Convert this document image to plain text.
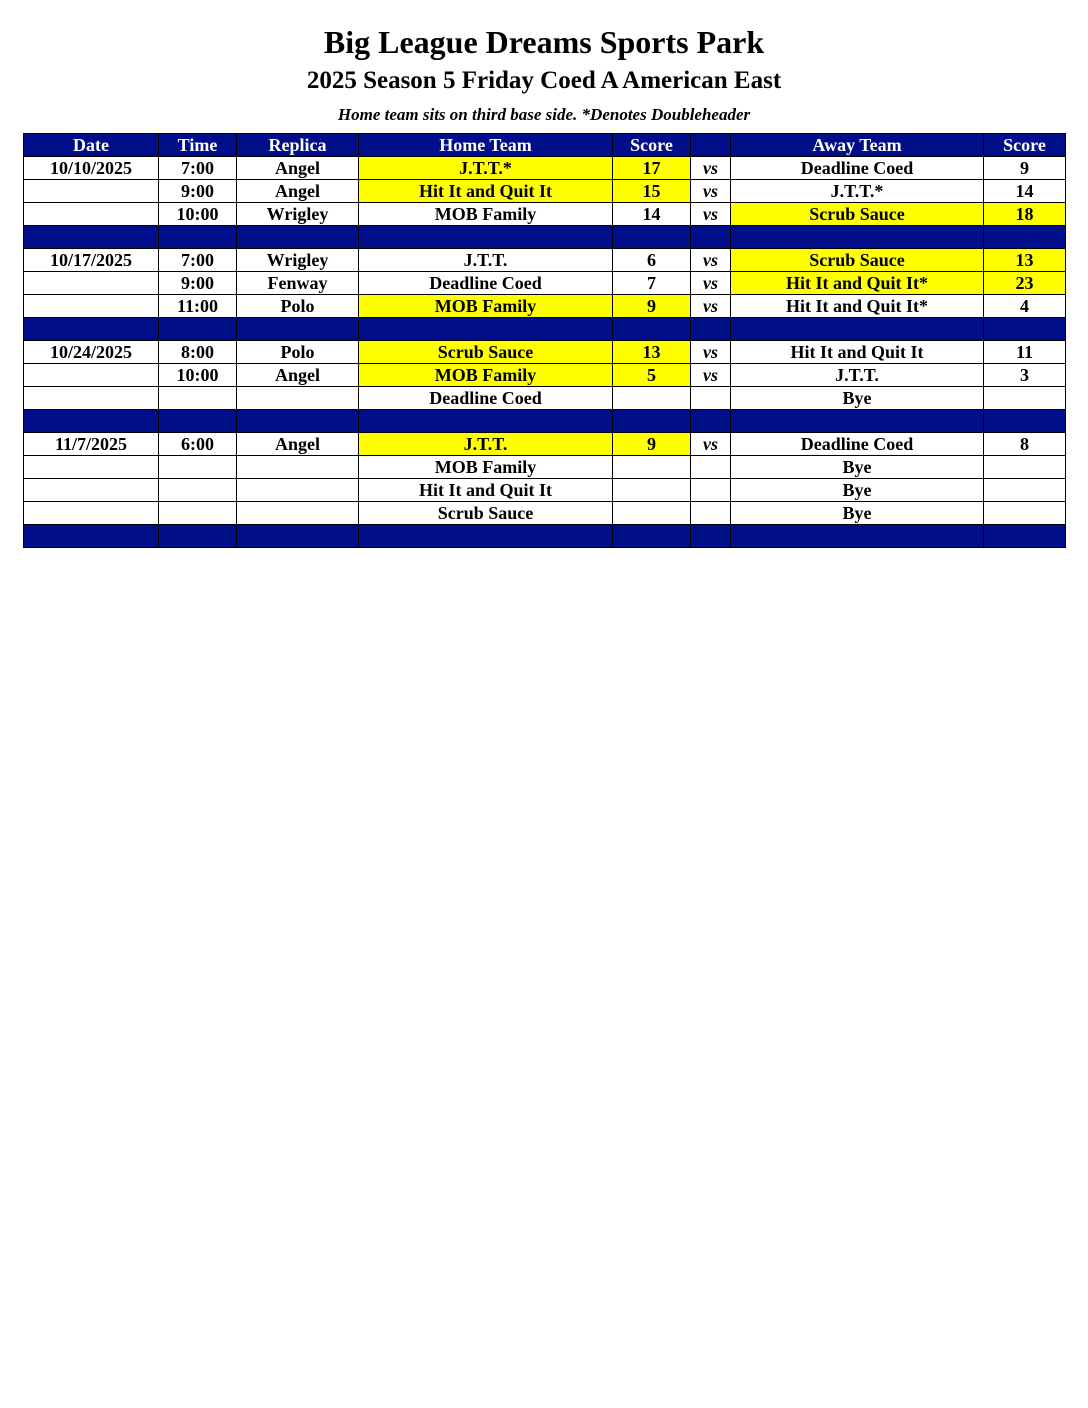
Big League Dreams Sports Park
2025 Season 5 Friday Coed A American East
Home team sits on third base side. *Denotes Doubleheader
Date	Time	Replica	Home Team	Score		Away Team	Score
10/10/2025	7:00	Angel	J.T.T.*	17	vs	Deadline Coed	9
	9:00	Angel	Hit It and Quit It	15	vs	J.T.T.*	14
	10:00	Wrigley	MOB Family	14	vs	Scrub Sauce	18

10/17/2025	7:00	Wrigley	J.T.T.	6	vs	Scrub Sauce	13
	9:00	Fenway	Deadline Coed	7	vs	Hit It and Quit It*	23
	11:00	Polo	MOB Family	9	vs	Hit It and Quit It*	4

10/24/2025	8:00	Polo	Scrub Sauce	13	vs	Hit It and Quit It	11
	10:00	Angel	MOB Family	5	vs	J.T.T.	3
			Deadline Coed			Bye	

11/7/2025	6:00	Angel	J.T.T.	9	vs	Deadline Coed	8
			MOB Family			Bye	
			Hit It and Quit It			Bye	
			Scrub Sauce			Bye	
